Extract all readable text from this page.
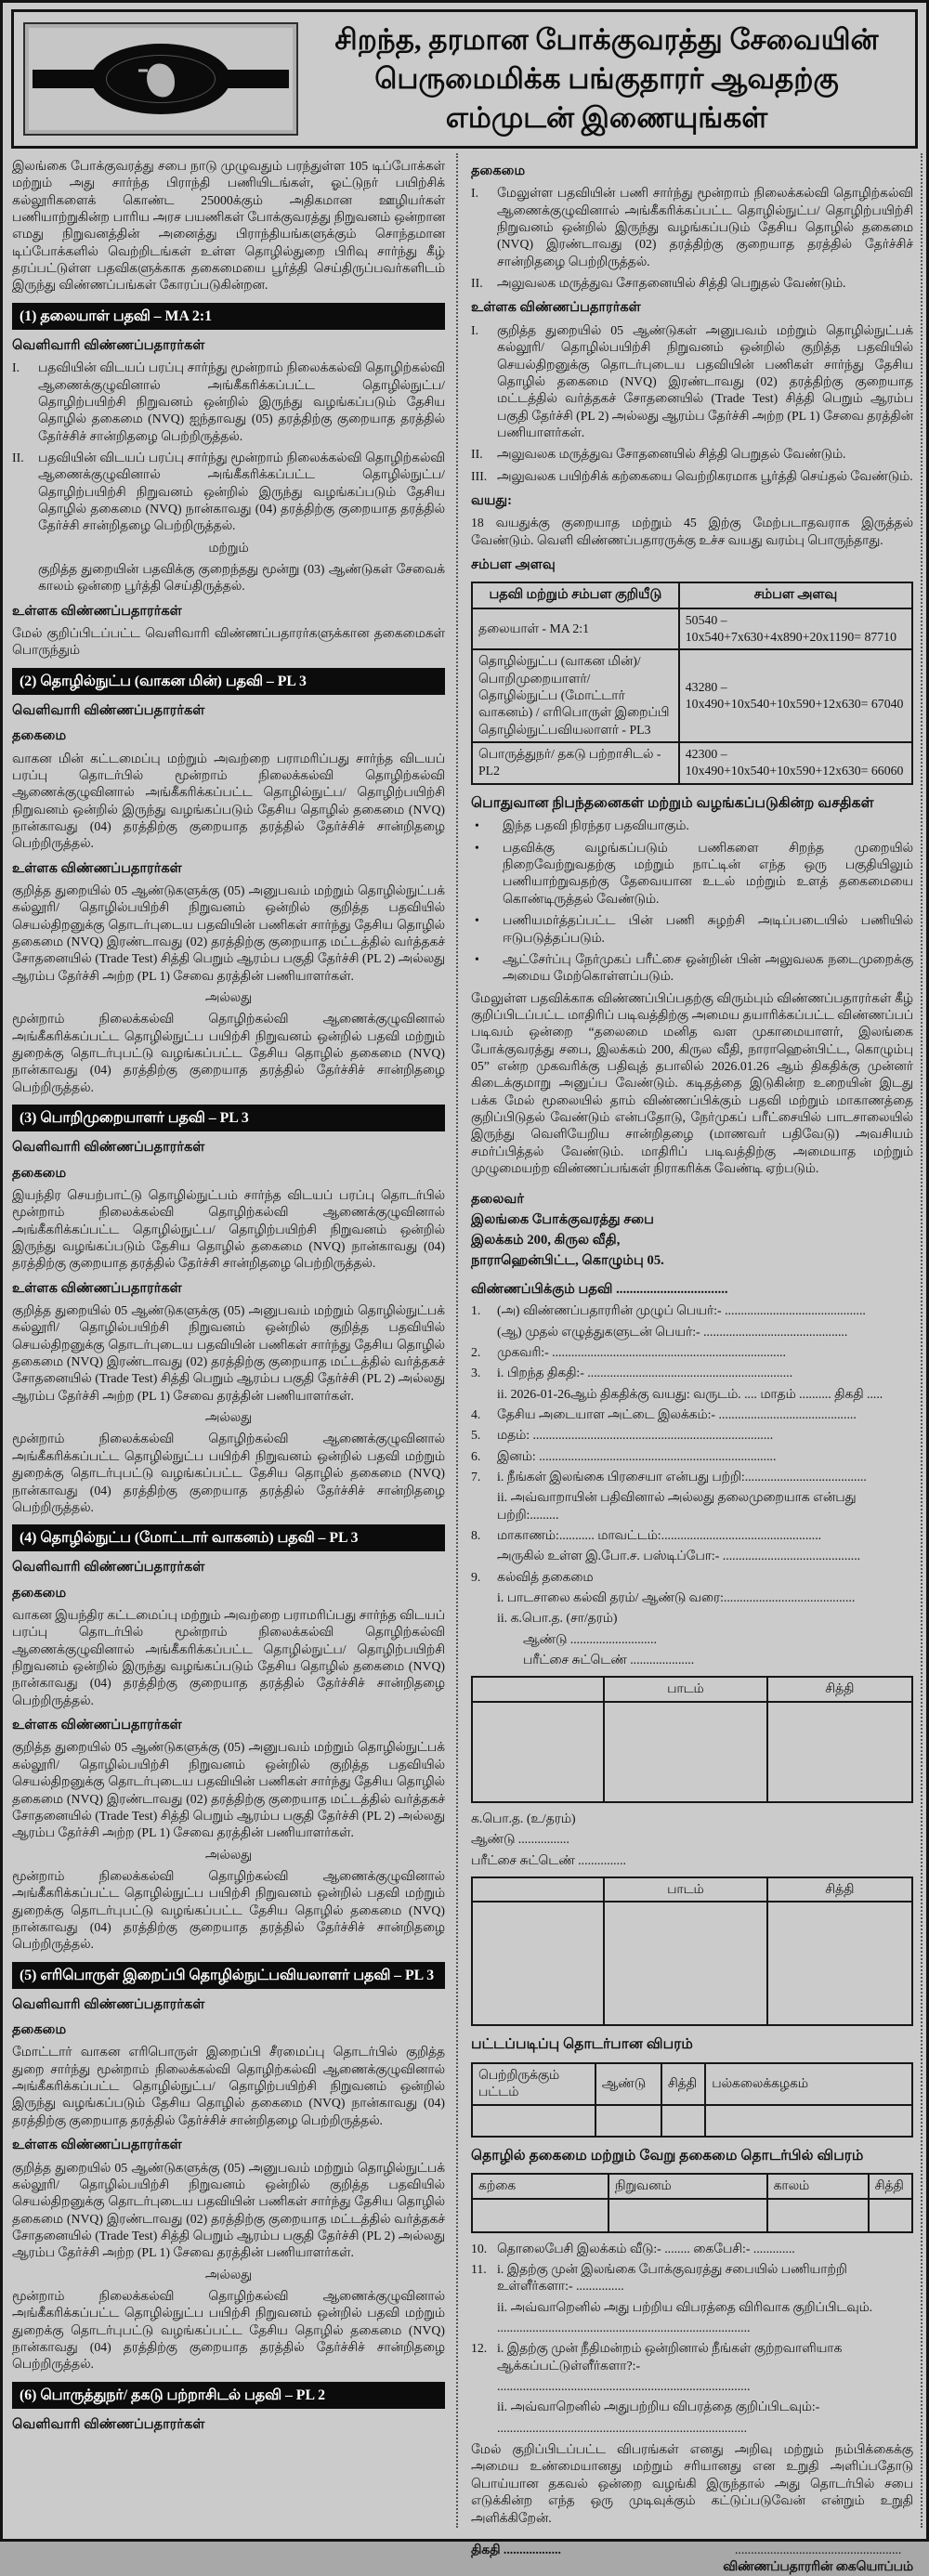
சிறந்த, தரமான போக்குவரத்து சேவையின்
பெருமைமிக்க பங்குதாரர் ஆவதற்கு
எம்முடன் இணையுங்கள்
இலங்கை போக்குவரத்து சபை நாடு முழுவதும் பரந்துள்ள 105 டிப்போக்கள் மற்றும் அது சார்ந்த பிராந்தி பணியிடங்கள், ஓட்டுநர் பயிற்சிக் கல்லூரிகளைக் கொண்ட 25000க்கும் அதிகமான ஊழியர்கள் பணியாற்றுகின்ற பாரிய அரச பயணிகள் போக்குவரத்து நிறுவனம் ஒன்றான எமது நிறுவனத்தின் அனைத்து பிராந்தியங்களுக்கும் சொந்தமான டிப்போக்களில் வெற்றிடங்கள் உள்ள தொழில்துறை பிரிவு சார்ந்து கீழ் தரப்பட்டுள்ள பதவிகளுக்காக தகைமையை பூர்த்தி செய்திருப்பவர்களிடம் இருந்து விண்ணப்பங்கள் கோரப்படுகின்றன.
(1) தலையாள் பதவி – MA 2:1
வெளிவாரி விண்ணப்பதாரர்கள்
I.	பதவியின் விடயப் பரப்பு சார்ந்து மூன்றாம் நிலைக்கல்வி தொழிற்கல்வி ஆணைக்குழுவினால் அங்கீகரிக்கப்பட்ட தொழில்நுட்ப/ தொழிற்பயிற்சி நிறுவனம் ஒன்றில் இருந்து வழங்கப்படும் தேசிய தொழில் தகைமை (NVQ) ஐந்தாவது (05) தரத்திற்கு குறையாத தரத்தில் தேர்ச்சிச் சான்றிதழை பெற்றிருத்தல்.
II.	பதவியின் விடயப் பரப்பு சார்ந்து மூன்றாம் நிலைக்கல்வி தொழிற்கல்வி ஆணைக்குழுவினால் அங்கீகரிக்கப்பட்ட தொழில்நுட்ப/ தொழிற்பயிற்சி நிறுவனம் ஒன்றில் இருந்து வழங்கப்படும் தேசிய தொழில் தகைமை (NVQ) நான்காவது (04) தரத்திற்கு குறையாத தரத்தில் தேர்ச்சி சான்றிதழை பெற்றிருத்தல்.
மற்றும்
குறித்த துறையின் பதவிக்கு குறைந்தது மூன்று (03) ஆண்டுகள் சேவைக் காலம் ஒன்றை பூர்த்தி செய்திருத்தல்.
உள்ளக விண்ணப்பதாரர்கள்
மேல் குறிப்பிடப்பட்ட வெளிவாரி விண்ணப்பதாரர்களுக்கான தகைமைகள் பொருந்தும்
(2) தொழில்நுட்ப (வாகன மின்) பதவி – PL 3
வெளிவாரி விண்ணப்பதாரர்கள்
தகைமை
வாகன மின் கட்டமைப்பு மற்றும் அவற்றை பராமரிப்பது சார்ந்த விடயப் பரப்பு தொடர்பில் மூன்றாம் நிலைக்கல்வி தொழிற்கல்வி ஆணைக்குழுவினால் அங்கீகரிக்கப்பட்ட தொழில்நுட்ப/ தொழிற்பயிற்சி நிறுவனம் ஒன்றில் இருந்து வழங்கப்படும் தேசிய தொழில் தகைமை (NVQ) நான்காவது (04) தரத்திற்கு குறையாத தரத்தில் தேர்ச்சிச் சான்றிதழை பெற்றிருத்தல்.
உள்ளக விண்ணப்பதாரர்கள்
குறித்த துறையில் 05 ஆண்டுகளுக்கு (05) அனுபவம் மற்றும் தொழில்நுட்பக் கல்லூரி/ தொழில்பயிற்சி நிறுவனம் ஒன்றில் குறித்த பதவியில் செயல்திறனுக்கு தொடர்புடைய பதவியின் பணிகள் சார்ந்து தேசிய தொழில் தகைமை (NVQ) இரண்டாவது (02) தரத்திற்கு குறையாத மட்டத்தில் வர்த்தகச் சோதனையில் (Trade Test) சித்தி பெறும் ஆரம்ப பகுதி தேர்ச்சி (PL 2) அல்லது ஆரம்ப தேர்ச்சி அற்ற (PL 1) சேவை தரத்தின் பணியாளர்கள்.
அல்லது
மூன்றாம் நிலைக்கல்வி தொழிற்கல்வி ஆணைக்குழுவினால் அங்கீகரிக்கப்பட்ட தொழில்நுட்ப பயிற்சி நிறுவனம் ஒன்றில் பதவி மற்றும் துறைக்கு தொடர்புபட்டு வழங்கப்பட்ட தேசிய தொழில் தகைமை (NVQ) நான்காவது (04) தரத்திற்கு குறையாத தரத்தில் தேர்ச்சிச் சான்றிதழை பெற்றிருத்தல்.
(3) பொறிமுறையாளர் பதவி – PL 3
வெளிவாரி விண்ணப்பதாரர்கள்
தகைமை
இயந்திர செயற்பாட்டு தொழில்நுட்பம் சார்ந்த விடயப் பரப்பு தொடர்பில் மூன்றாம் நிலைக்கல்வி தொழிற்கல்வி ஆணைக்குழுவினால் அங்கீகரிக்கப்பட்ட தொழில்நுட்ப/ தொழிற்பயிற்சி நிறுவனம் ஒன்றில் இருந்து வழங்கப்படும் தேசிய தொழில் தகைமை (NVQ) நான்காவது (04) தரத்திற்கு குறையாத தரத்தில் தேர்ச்சி சான்றிதழை பெற்றிருத்தல்.
உள்ளக விண்ணப்பதாரர்கள்
குறித்த துறையில் 05 ஆண்டுகளுக்கு (05) அனுபவம் மற்றும் தொழில்நுட்பக் கல்லூரி/ தொழில்பயிற்சி நிறுவனம் ஒன்றில் குறித்த பதவியில் செயல்திறனுக்கு தொடர்புடைய பதவியின் பணிகள் சார்ந்து தேசிய தொழில் தகைமை (NVQ) இரண்டாவது (02) தரத்திற்கு குறையாத மட்டத்தில் வர்த்தகச் சோதனையில் (Trade Test) சித்தி பெறும் ஆரம்ப பகுதி தேர்ச்சி (PL 2) அல்லது ஆரம்ப தேர்ச்சி அற்ற (PL 1) சேவை தரத்தின் பணியாளர்கள்.
அல்லது
மூன்றாம் நிலைக்கல்வி தொழிற்கல்வி ஆணைக்குழுவினால் அங்கீகரிக்கப்பட்ட தொழில்நுட்ப பயிற்சி நிறுவனம் ஒன்றில் பதவி மற்றும் துறைக்கு தொடர்புபட்டு வழங்கப்பட்ட தேசிய தொழில் தகைமை (NVQ) நான்காவது (04) தரத்திற்கு குறையாத தரத்தில் தேர்ச்சிச் சான்றிதழை பெற்றிருத்தல்.
(4) தொழில்நுட்ப (மோட்டார் வாகனம்) பதவி – PL 3
வெளிவாரி விண்ணப்பதாரர்கள்
தகைமை
வாகன இயந்திர கட்டமைப்பு மற்றும் அவற்றை பராமரிப்பது சார்ந்த விடயப் பரப்பு தொடர்பில் மூன்றாம் நிலைக்கல்வி தொழிற்கல்வி ஆணைக்குழுவினால் அங்கீகரிக்கப்பட்ட தொழில்நுட்ப/ தொழிற்பயிற்சி நிறுவனம் ஒன்றில் இருந்து வழங்கப்படும் தேசிய தொழில் தகைமை (NVQ) நான்காவது (04) தரத்திற்கு குறையாத தரத்தில் தேர்ச்சிச் சான்றிதழை பெற்றிருத்தல்.
உள்ளக விண்ணப்பதாரர்கள்
குறித்த துறையில் 05 ஆண்டுகளுக்கு (05) அனுபவம் மற்றும் தொழில்நுட்பக் கல்லூரி/ தொழில்பயிற்சி நிறுவனம் ஒன்றில் குறித்த பதவியில் செயல்திறனுக்கு தொடர்புடைய பதவியின் பணிகள் சார்ந்து தேசிய தொழில் தகைமை (NVQ) இரண்டாவது (02) தரத்திற்கு குறையாத மட்டத்தில் வர்த்தகச் சோதனையில் (Trade Test) சித்தி பெறும் ஆரம்ப பகுதி தேர்ச்சி (PL 2) அல்லது ஆரம்ப தேர்ச்சி அற்ற (PL 1) சேவை தரத்தின் பணியாளர்கள்.
அல்லது
மூன்றாம் நிலைக்கல்வி தொழிற்கல்வி ஆணைக்குழுவினால் அங்கீகரிக்கப்பட்ட தொழில்நுட்ப பயிற்சி நிறுவனம் ஒன்றில் பதவி மற்றும் துறைக்கு தொடர்புபட்டு வழங்கப்பட்ட தேசிய தொழில் தகைமை (NVQ) நான்காவது (04) தரத்திற்கு குறையாத தரத்தில் தேர்ச்சிச் சான்றிதழை பெற்றிருத்தல்.
(5) எரிபொருள் இறைப்பி தொழில்நுட்பவியலாளர் பதவி – PL 3
வெளிவாரி விண்ணப்பதாரர்கள்
தகைமை
மோட்டார் வாகன எரிபொருள் இறைப்பி சீரமைப்பு தொடர்பில் குறித்த துறை சார்ந்து மூன்றாம் நிலைக்கல்வி தொழிற்கல்வி ஆணைக்குழுவினால் அங்கீகரிக்கப்பட்ட தொழில்நுட்ப/ தொழிற்பயிற்சி நிறுவனம் ஒன்றில் இருந்து வழங்கப்படும் தேசிய தொழில் தகைமை (NVQ) நான்காவது (04) தரத்திற்கு குறையாத தரத்தில் தேர்ச்சிச் சான்றிதழை பெற்றிருத்தல்.
உள்ளக விண்ணப்பதாரர்கள்
குறித்த துறையில் 05 ஆண்டுகளுக்கு (05) அனுபவம் மற்றும் தொழில்நுட்பக் கல்லூரி/ தொழில்பயிற்சி நிறுவனம் ஒன்றில் குறித்த பதவியில் செயல்திறனுக்கு தொடர்புடைய பதவியின் பணிகள் சார்ந்து தேசிய தொழில் தகைமை (NVQ) இரண்டாவது (02) தரத்திற்கு குறையாத மட்டத்தில் வர்த்தகச் சோதனையில் (Trade Test) சித்தி பெறும் ஆரம்ப பகுதி தேர்ச்சி (PL 2) அல்லது ஆரம்ப தேர்ச்சி அற்ற (PL 1) சேவை தரத்தின் பணியாளர்கள்.
அல்லது
மூன்றாம் நிலைக்கல்வி தொழிற்கல்வி ஆணைக்குழுவினால் அங்கீகரிக்கப்பட்ட தொழில்நுட்ப பயிற்சி நிறுவனம் ஒன்றில் பதவி மற்றும் துறைக்கு தொடர்புபட்டு வழங்கப்பட்ட தேசிய தொழில் தகைமை (NVQ) நான்காவது (04) தரத்திற்கு குறையாத தரத்தில் தேர்ச்சிச் சான்றிதழை பெற்றிருத்தல்.
(6) பொருத்துநர்/ தகடு பற்றாசிடல் பதவி – PL 2
வெளிவாரி விண்ணப்பதாரர்கள்
தகைமை
I.	மேலுள்ள பதவியின் பணி சார்ந்து மூன்றாம் நிலைக்கல்வி தொழிற்கல்வி ஆணைக்குழுவினால் அங்கீகரிக்கப்பட்ட தொழில்நுட்ப/ தொழிற்பயிற்சி நிறுவனம் ஒன்றில் இருந்து வழங்கப்படும் தேசிய தொழில் தகைமை (NVQ) இரண்டாவது (02) தரத்திற்கு குறையாத தரத்தில் தேர்ச்சிச் சான்றிதழை பெற்றிருத்தல்.
II.	அலுவலக மருத்துவ சோதனையில் சித்தி பெறுதல் வேண்டும்.
உள்ளக விண்ணப்பதாரர்கள்
I.	குறித்த துறையில் 05 ஆண்டுகள் அனுபவம் மற்றும் தொழில்நுட்பக் கல்லூரி/ தொழில்பயிற்சி நிறுவனம் ஒன்றில் குறித்த பதவியில் செயல்திறனுக்கு தொடர்புடைய பதவியின் பணிகள் சார்ந்து தேசிய தொழில் தகைமை (NVQ) இரண்டாவது (02) தரத்திற்கு குறையாத மட்டத்தில் வர்த்தகச் சோதனையில் (Trade Test) சித்தி பெறும் ஆரம்ப பகுதி தேர்ச்சி (PL 2) அல்லது ஆரம்ப தேர்ச்சி அற்ற (PL 1) சேவை தரத்தின் பணியாளர்கள்.
II.	அலுவலக மருத்துவ சோதனையில் சித்தி பெறுதல் வேண்டும்.
III. அலுவலக பயிற்சிக் கற்கையை வெற்றிகரமாக பூர்த்தி செய்தல் வேண்டும்.
வயது:
18 வயதுக்கு குறையாத மற்றும் 45 இற்கு மேற்படாதவராக இருத்தல் வேண்டும். வெளி விண்ணப்பதாரருக்கு உச்ச வயது வரம்பு பொருந்தாது.
சம்பள அளவு
பதவி மற்றும் சம்பள குறியீடு	சம்பள அளவு
தலையாள் - MA 2:1	50540 –
10x540+7x630+4x890+20x1190= 87710

தொழில்நுட்ப (வாகன மின்)/ பொறிமுறையாளர்/ தொழில்நுட்ப (மோட்டார் வாகனம்) / எரிபொருள் இறைப்பி தொழில்நுட்பவியலாளர் - PL3	43280 –
10x490+10x540+10x590+12x630= 67040

பொருத்துநர்/ தகடு பற்றாசிடல் - PL2	42300 –
10x490+10x540+10x590+12x630= 66060
பொதுவான நிபந்தனைகள் மற்றும் வழங்கப்படுகின்ற வசதிகள்
•	இந்த பதவி நிரந்தர பதவியாகும்.
•	பதவிக்கு வழங்கப்படும் பணிகளை சிறந்த முறையில் நிறைவேற்றுவதற்கு மற்றும் நாட்டின் எந்த ஒரு பகுதியிலும் பணியாற்றுவதற்கு தேவையான உடல் மற்றும் உளத் தகைமையை கொண்டிருத்தல் வேண்டும்.
•	பணியமர்த்தப்பட்ட பின் பணி சுழற்சி அடிப்படையில் பணியில் ஈடுபடுத்தப்படும்.
•	ஆட்சேர்ப்பு நேர்முகப் பரீட்சை ஒன்றின் பின் அலுவலக நடைமுறைக்கு அமைய மேற்கொள்ளப்படும்.
மேலுள்ள பதவிக்காக விண்ணப்பிப்பதற்கு விரும்பும் விண்ணப்பதாரர்கள் கீழ் குறிப்பிடப்பட்ட மாதிரிப் படிவத்திற்கு அமைய தயாரிக்கப்பட்ட விண்ணப்பப் படிவம் ஒன்றை “தலைமை மனித வள முகாமையாளர், இலங்கை போக்குவரத்து சபை, இலக்கம் 200, கிருல வீதி, நாராஹென்பிட்ட, கொழும்பு 05” என்ற முகவரிக்கு பதிவுத் தபாலில் 2026.01.26 ஆம் திகதிக்கு முன்னர் கிடைக்குமாறு அனுப்ப வேண்டும். கடிதத்தை இடுகின்ற உறையின் இடது பக்க மேல் மூலையில் தாம் விண்ணப்பிக்கும் பதவி மற்றும் மாகாணத்தை குறிப்பிடுதல் வேண்டும் என்பதோடு, நேர்முகப் பரீட்சையில் பாடசாலையில் இருந்து வெளியேறிய சான்றிதழை (மாணவர் பதிவேடு) அவசியம் சமர்ப்பித்தல் வேண்டும். மாதிரிப் படிவத்திற்கு அமையாத மற்றும் முழுமையற்ற விண்ணப்பங்கள் நிராகரிக்க வேண்டி ஏற்படும்.
தலைவர்
இலங்கை போக்குவரத்து சபை
இலக்கம் 200, கிருல வீதி,
நாராஹென்பிட்ட, கொழும்பு 05.
விண்ணப்பிக்கும் பதவி .................................
1.	(அ) விண்ணப்பதாரரின் முழுப் பெயர்:- ............................................
(ஆ) முதல் எழுத்துகளுடன் பெயர்:- .............................................
2.	முகவரி:- .........................................................................
3.	i. பிறந்த திகதி:- ................................................................
ii. 2026-01-26ஆம் திகதிக்கு வயது: வருடம். .... மாதம் .......... திகதி .....
4.	தேசிய அடையாள அட்டை இலக்கம்:- ...........................................
5.	மதம்: ...........................................................................
6.	இனம்: ..........................................................................
7.	i. நீங்கள் இலங்கை பிரசையா என்பது பற்றி:......................................
ii. அவ்வாறாயின் பதிவினால் அல்லது தலைமுறையாக என்பது பற்றி:.........
8.	மாகாணம்:........... மாவட்டம்:..................................................
அருகில் உள்ள இ.போ.ச. பஸ்டிப்போ:- ...........................................
9.	கல்வித் தகைமை
i. பாடசாலை கல்வி தரம்/ ஆண்டு வரை:.........................................
ii. க.பொ.த. (சா/தரம்)
ஆண்டு ...........................
பரீட்சை சுட்டெண் ....................
	பாடம்	சித்தி

க.பொ.த. (உ/தரம்)
ஆண்டு ................
பரீட்சை சுட்டெண் ...............
	பாடம்	சித்தி

பட்டப்படிப்பு தொடர்பான விபரம்
பெற்றிருக்கும் பட்டம்	ஆண்டு	சித்தி	பல்கலைக்கழகம்

தொழில் தகைமை மற்றும் வேறு தகைமை தொடர்பில் விபரம்
கற்கை	நிறுவனம்	காலம்	சித்தி

10. தொலைபேசி இலக்கம் வீடு:- ........ கைபேசி:- .............
11. i. இதற்கு முன் இலங்கை போக்குவரத்து சபையில் பணியாற்றி உள்ளீர்களா:- ...............
ii. அவ்வாறெனில் அது பற்றிய விபரத்தை விரிவாக குறிப்பிடவும்.
...............................................................................
12. i. இதற்கு முன் நீதிமன்றம் ஒன்றினால் நீங்கள் குற்றவாளியாக ஆக்கப்பட்டுள்ளீர்களா?:-
...............................................................................
ii. அவ்வாறெனில் அதுபற்றிய விபரத்தை குறிப்பிடவும்:-
..............................................................................
மேல் குறிப்பிடப்பட்ட விபரங்கள் எனது அறிவு மற்றும் நம்பிக்கைக்கு அமைய உண்மையானது மற்றும் சரியானது என உறுதி அளிப்பதோடு பொய்யான தகவல் ஒன்றை வழங்கி இருந்தால் அது தொடர்பில் சபை எடுக்கின்ற எந்த ஒரு முடிவுக்கும் கட்டுப்படுவேன் என்றும் உறுதி அளிக்கிறேன்.
திகதி ..................	....................................................
விண்ணப்பதாரரின் கையொப்பம்
